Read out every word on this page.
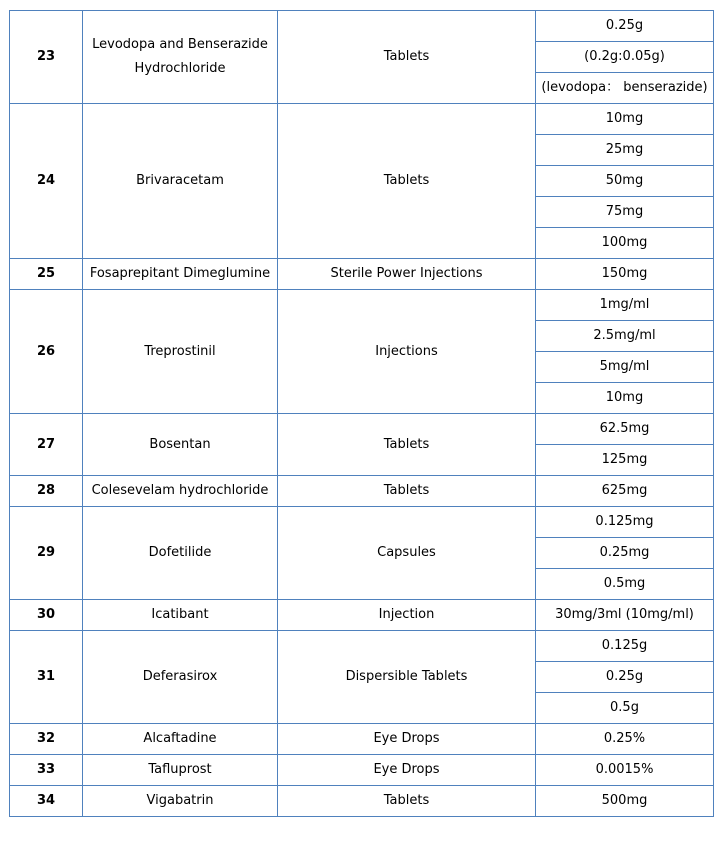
23	Levodopa and Benserazide Hydrochloride	Tablets	0.25g
			(0.2g:0.05g)
			(levodopa： benserazide)
24	Brivaracetam	Tablets	10mg
			25mg
			50mg
			75mg
			100mg
25	Fosaprepitant Dimeglumine	Sterile Power Injections	150mg
26	Treprostinil	Injections	1mg/ml
			2.5mg/ml
			5mg/ml
			10mg
27	Bosentan	Tablets	62.5mg
			125mg
28	Colesevelam hydrochloride	Tablets	625mg
29	Dofetilide	Capsules	0.125mg
			0.25mg
			0.5mg
30	Icatibant	Injection	30mg/3ml (10mg/ml)
31	Deferasirox	Dispersible Tablets	0.125g
			0.25g
			0.5g
32	Alcaftadine	Eye Drops	0.25%
33	Tafluprost	Eye Drops	0.0015%
34	Vigabatrin	Tablets	500mg
